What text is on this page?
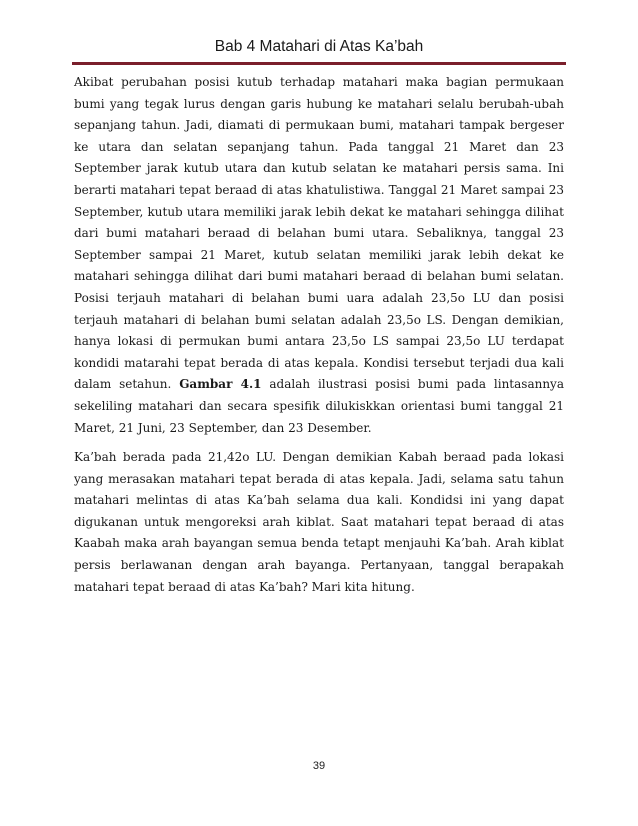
Bab 4 Matahari di Atas Ka’bah

Akibat perubahan posisi kutub terhadap matahari maka bagian permukaan bumi yang tegak lurus dengan garis hubung ke matahari selalu berubah-ubah sepanjang tahun. Jadi, diamati di permukaan bumi, matahari tampak bergeser ke utara dan selatan sepanjang tahun. Pada tanggal 21 Maret dan 23 September jarak kutub utara dan kutub selatan ke matahari persis sama. Ini berarti matahari tepat beraad di atas khatulistiwa. Tanggal 21 Maret sampai 23 September, kutub utara memiliki jarak lebih dekat ke matahari sehingga dilihat dari bumi matahari beraad di belahan bumi utara. Sebaliknya, tanggal 23 September sampai 21 Maret, kutub selatan memiliki jarak lebih dekat ke matahari sehingga dilihat dari bumi matahari beraad di belahan bumi selatan. Posisi terjauh matahari di belahan bumi uara adalah 23,5o LU dan posisi terjauh matahari di belahan bumi selatan adalah 23,5o LS. Dengan demikian, hanya lokasi di permukan bumi antara 23,5o LS sampai 23,5o LU terdapat kondidi matarahi tepat berada di atas kepala. Kondisi tersebut terjadi dua kali dalam setahun. Gambar 4.1 adalah ilustrasi posisi bumi pada lintasannya sekeliling matahari dan secara spesifik dilukiskkan orientasi bumi tanggal 21 Maret, 21 Juni, 23 September, dan 23 Desember.

Ka’bah berada pada 21,42o LU. Dengan demikian Kabah beraad pada lokasi yang merasakan matahari tepat berada di atas kepala. Jadi, selama satu tahun matahari melintas di atas Ka’bah selama dua kali. Kondidsi ini yang dapat digukanan untuk mengoreksi arah kiblat. Saat matahari tepat beraad di atas Kaabah maka arah bayangan semua benda tetapt menjauhi Ka’bah. Arah kiblat persis berlawanan dengan arah bayanga. Pertanyaan, tanggal berapakah matahari tepat beraad di atas Ka’bah? Mari kita hitung.

39
